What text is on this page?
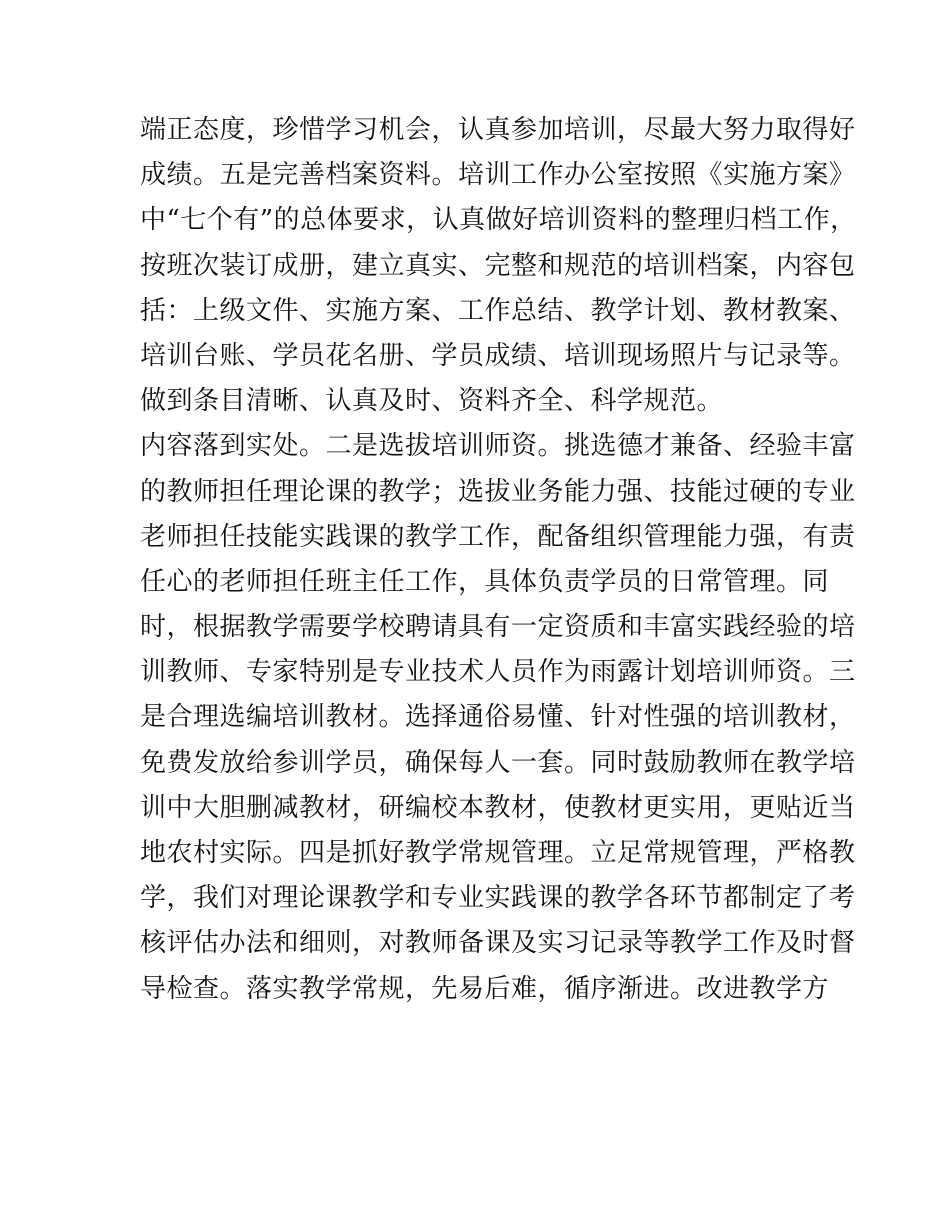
端正态度，珍惜学习机会，认真参加培训，尽最大努力取得好
成绩。五是完善档案资料。培训工作办公室按照《实施方案》
中“七个有”的总体要求，认真做好培训资料的整理归档工作，
按班次装订成册，建立真实、完整和规范的培训档案，内容包
括：上级文件、实施方案、工作总结、教学计划、教材教案、
培训台账、学员花名册、学员成绩、培训现场照片与记录等。
做到条目清晰、认真及时、资料齐全、科学规范。
内容落到实处。二是选拔培训师资。挑选德才兼备、经验丰富
的教师担任理论课的教学；选拔业务能力强、技能过硬的专业
老师担任技能实践课的教学工作，配备组织管理能力强，有责
任心的老师担任班主任工作，具体负责学员的日常管理。同
时，根据教学需要学校聘请具有一定资质和丰富实践经验的培
训教师、专家特别是专业技术人员作为雨露计划培训师资。三
是合理选编培训教材。选择通俗易懂、针对性强的培训教材，
免费发放给参训学员，确保每人一套。同时鼓励教师在教学培
训中大胆删减教材，研编校本教材，使教材更实用，更贴近当
地农村实际。四是抓好教学常规管理。立足常规管理，严格教
学，我们对理论课教学和专业实践课的教学各环节都制定了考
核评估办法和细则，对教师备课及实习记录等教学工作及时督
导检查。落实教学常规，先易后难，循序渐进。改进教学方
